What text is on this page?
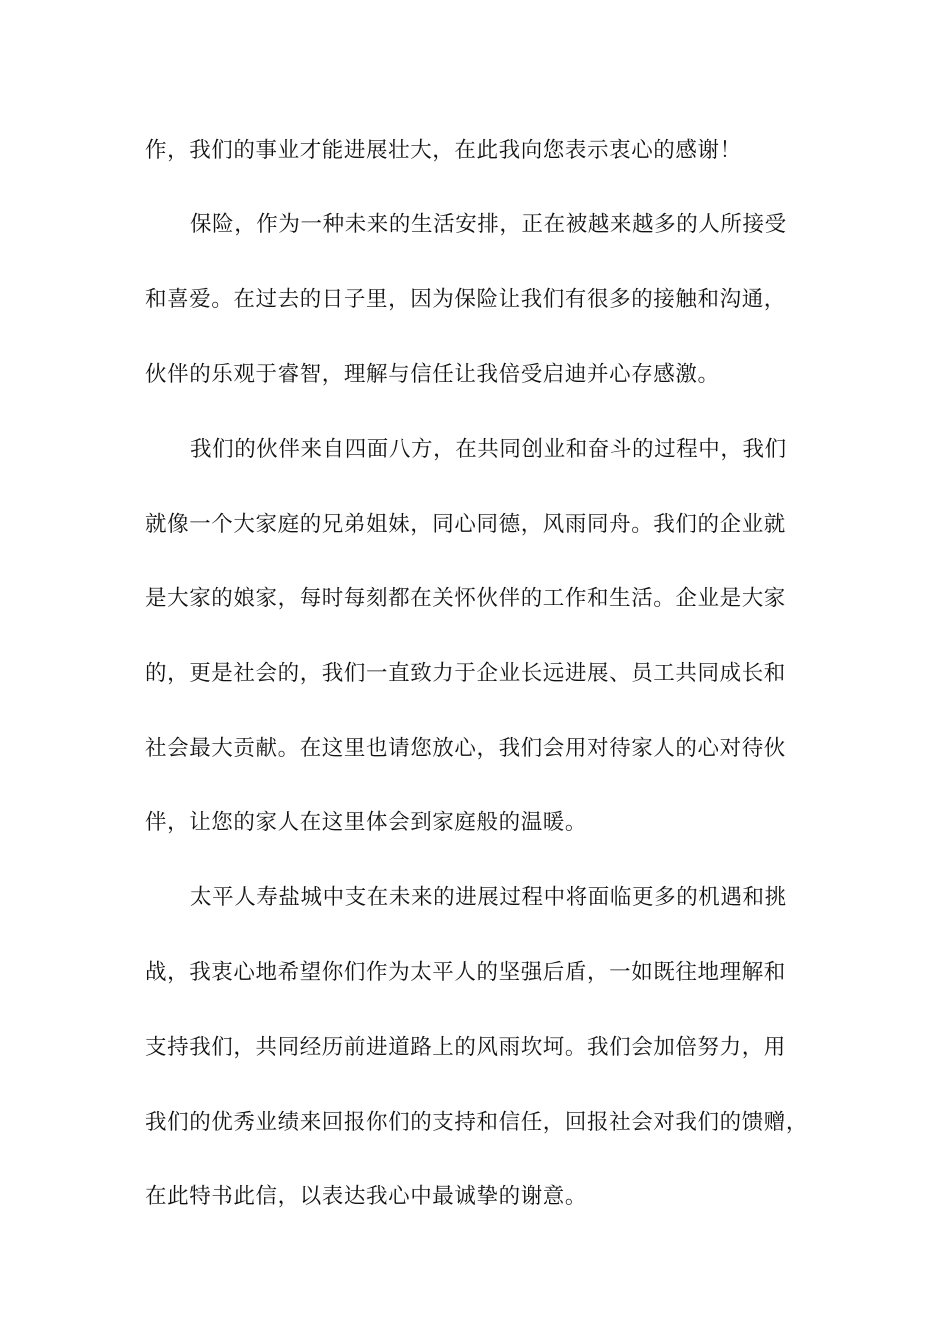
作，我们的事业才能进展壮大，在此我向您表示衷心的感谢！
保险，作为一种未来的生活安排，正在被越来越多的人所接受
和喜爱。在过去的日子里，因为保险让我们有很多的接触和沟通，
伙伴的乐观于睿智，理解与信任让我倍受启迪并心存感激。
我们的伙伴来自四面八方，在共同创业和奋斗的过程中，我们
就像一个大家庭的兄弟姐妹，同心同德，风雨同舟。我们的企业就
是大家的娘家，每时每刻都在关怀伙伴的工作和生活。企业是大家
的，更是社会的，我们一直致力于企业长远进展、员工共同成长和
社会最大贡献。在这里也请您放心，我们会用对待家人的心对待伙
伴，让您的家人在这里体会到家庭般的温暖。
太平人寿盐城中支在未来的进展过程中将面临更多的机遇和挑
战，我衷心地希望你们作为太平人的坚强后盾，一如既往地理解和
支持我们，共同经历前进道路上的风雨坎坷。我们会加倍努力，用
我们的优秀业绩来回报你们的支持和信任，回报社会对我们的馈赠，
在此特书此信，以表达我心中最诚挚的谢意。
